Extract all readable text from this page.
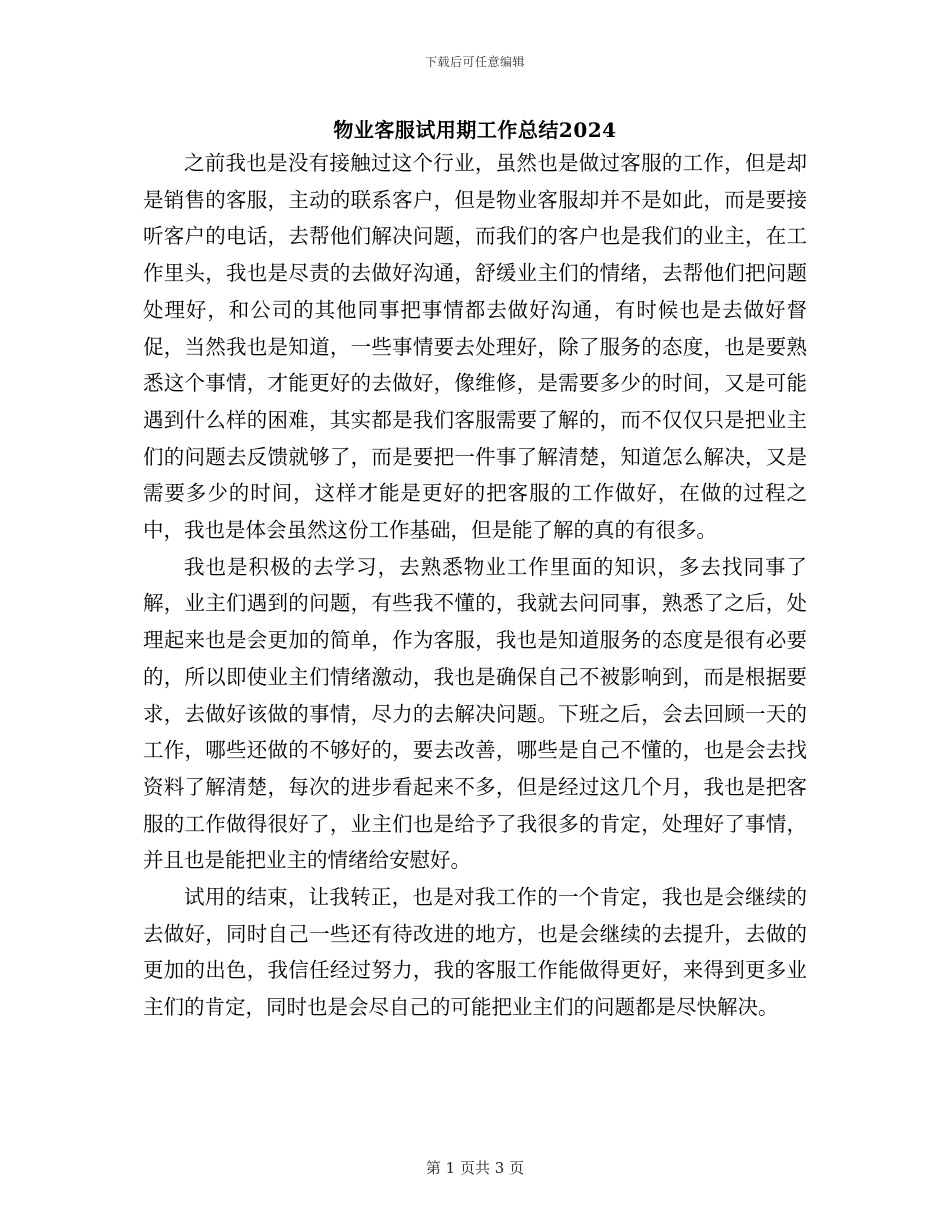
下载后可任意编辑
物业客服试用期工作总结2024

之前我也是没有接触过这个行业，虽然也是做过客服的工作，但是却是销售的客服，主动的联系客户，但是物业客服却并不是如此，而是要接听客户的电话，去帮他们解决问题，而我们的客户也是我们的业主，在工作里头，我也是尽责的去做好沟通，舒缓业主们的情绪，去帮他们把问题处理好，和公司的其他同事把事情都去做好沟通，有时候也是去做好督促，当然我也是知道，一些事情要去处理好，除了服务的态度，也是要熟悉这个事情，才能更好的去做好，像维修，是需要多少的时间，又是可能遇到什么样的困难，其实都是我们客服需要了解的，而不仅仅只是把业主们的问题去反馈就够了，而是要把一件事了解清楚，知道怎么解决，又是需要多少的时间，这样才能是更好的把客服的工作做好，在做的过程之中，我也是体会虽然这份工作基础，但是能了解的真的有很多。

我也是积极的去学习，去熟悉物业工作里面的知识，多去找同事了解，业主们遇到的问题，有些我不懂的，我就去问同事，熟悉了之后，处理起来也是会更加的简单，作为客服，我也是知道服务的态度是很有必要的，所以即使业主们情绪激动，我也是确保自己不被影响到，而是根据要求，去做好该做的事情，尽力的去解决问题。下班之后，会去回顾一天的工作，哪些还做的不够好的，要去改善，哪些是自己不懂的，也是会去找资料了解清楚，每次的进步看起来不多，但是经过这几个月，我也是把客服的工作做得很好了，业主们也是给予了我很多的肯定，处理好了事情，并且也是能把业主的情绪给安慰好。

试用的结束，让我转正，也是对我工作的一个肯定，我也是会继续的去做好，同时自己一些还有待改进的地方，也是会继续的去提升，去做的更加的出色，我信任经过努力，我的客服工作能做得更好，来得到更多业主们的肯定，同时也是会尽自己的可能把业主们的问题都是尽快解决。

第 1 页共 3 页
